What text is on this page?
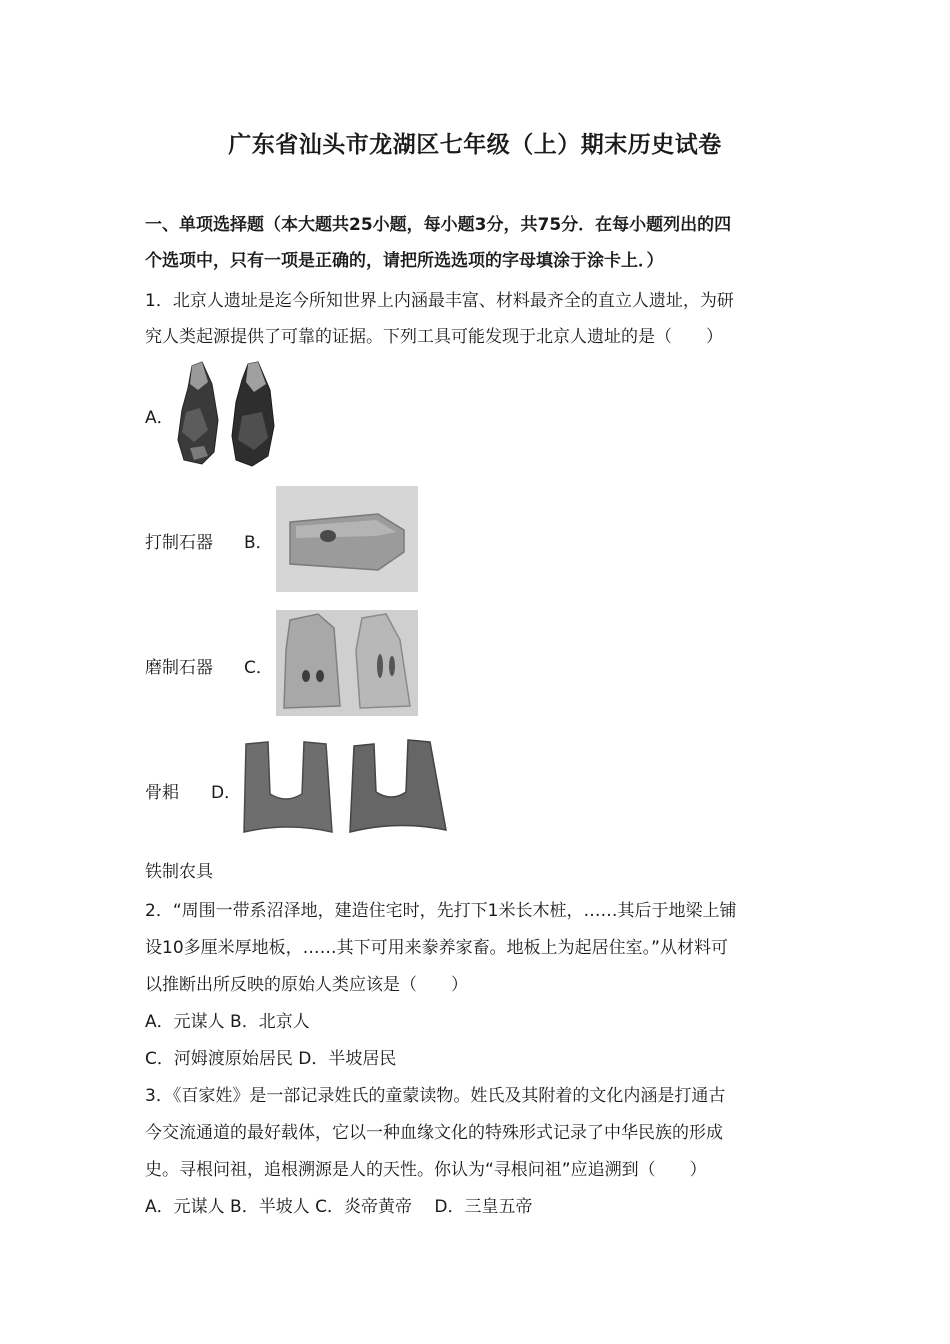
广东省汕头市龙湖区七年级（上）期末历史试卷
一、单项选择题（本大题共25小题，每小题3分，共75分．在每小题列出的四
个选项中，只有一项是正确的，请把所选选项的字母填涂于涂卡上．）
1．北京人遗址是迄今所知世界上内涵最丰富、材料最齐全的直立人遗址，为研
究人类起源提供了可靠的证据。下列工具可能发现于北京人遗址的是（　　）
A．
打制石器 B．
磨制石器 C．
骨耜 D．
铁制农具
2．“周围一带系沼泽地，建造住宅时，先打下1米长木桩，……其后于地梁上铺
设10多厘米厚地板，……其下可用来豢养家畜。地板上为起居住室。”从材料可
以推断出所反映的原始人类应该是（　　）
A．元谋人 B．北京人
C．河姆渡原始居民 D．半坡居民
3．《百家姓》是一部记录姓氏的童蒙读物。姓氏及其附着的文化内涵是打通古
今交流通道的最好载体，它以一种血缘文化的特殊形式记录了中华民族的形成
史。寻根问祖，追根溯源是人的天性。你认为“寻根问祖”应追溯到（　　）
A．元谋人 B．半坡人 C．炎帝黄帝　 D．三皇五帝
